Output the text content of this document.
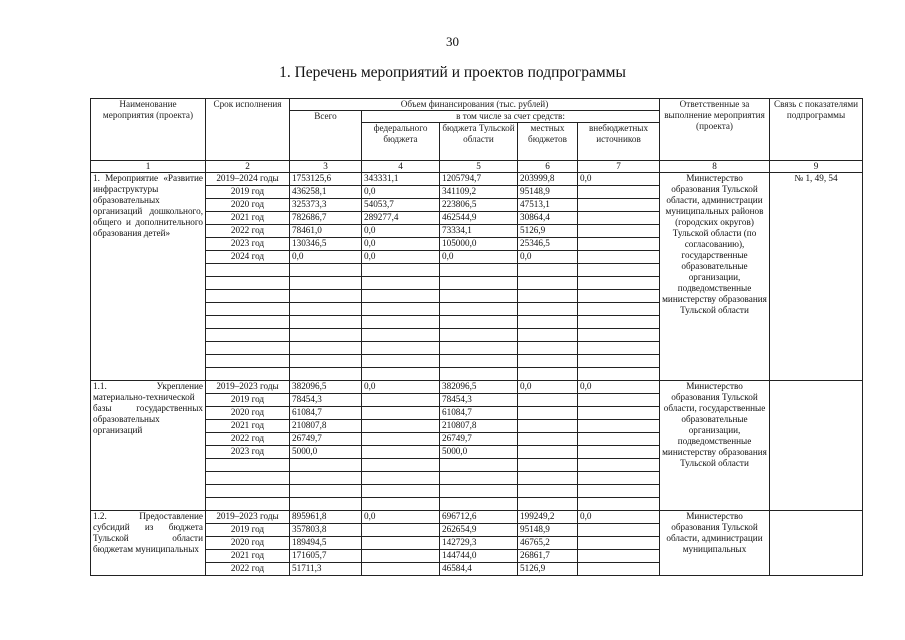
30
1. Перечень мероприятий и проектов подпрограммы
Наименование мероприятия (проекта)	Срок исполнения	Объем финансирования (тыс. рублей)					Ответственные за выполнение мероприятия (проекта)	Связь с показателями подпрограммы
		Всего	в том числе за счет средств:					
			федерального бюджета	бюджета Тульской области	местных бюджетов	внебюджетных источников		
1	2	3	4	5	6	7	8	9
1. Мероприятие «Развитие инфраструктуры образовательных организаций дошкольного, общего и дополнительного образования детей»	2019–2024 годы	1753125,6	343331,1	1205794,7	203999,8	0,0	Министерство образования Тульской области, администрации муниципальных районов (городских округов) Тульской области (по согласованию), государственные образовательные организации, подведомственные министерству образования Тульской области	№ 1, 49, 54
	2019 год	436258,1	0,0	341109,2	95148,9			
	2020 год	325373,3	54053,7	223806,5	47513,1			
	2021 год	782686,7	289277,4	462544,9	30864,4			
	2022 год	78461,0	0,0	73334,1	5126,9			
	2023 год	130346,5	0,0	105000,0	25346,5			
	2024 год	0,0	0,0	0,0	0,0			

1.1. Укрепление материально-технической базы государственных образовательных организаций	2019–2023 годы	382096,5	0,0	382096,5	0,0	0,0	Министерство образования Тульской области, государственные образовательные организации, подведомственные министерству образования Тульской области	
	2019 год	78454,3		78454,3				
	2020 год	61084,7		61084,7				
	2021 год	210807,8		210807,8				
	2022 год	26749,7		26749,7				
	2023 год	5000,0		5000,0				

1.2. Предоставление субсидий из бюджета Тульской области бюджетам муниципальных	2019–2023 годы	895961,8	0,0	696712,6	199249,2	0,0	Министерство образования Тульской области, администрации муниципальных	
	2019 год	357803,8		262654,9	95148,9			
	2020 год	189494,5		142729,3	46765,2			
	2021 год	171605,7		144744,0	26861,7			
	2022 год	51711,3		46584,4	5126,9			
